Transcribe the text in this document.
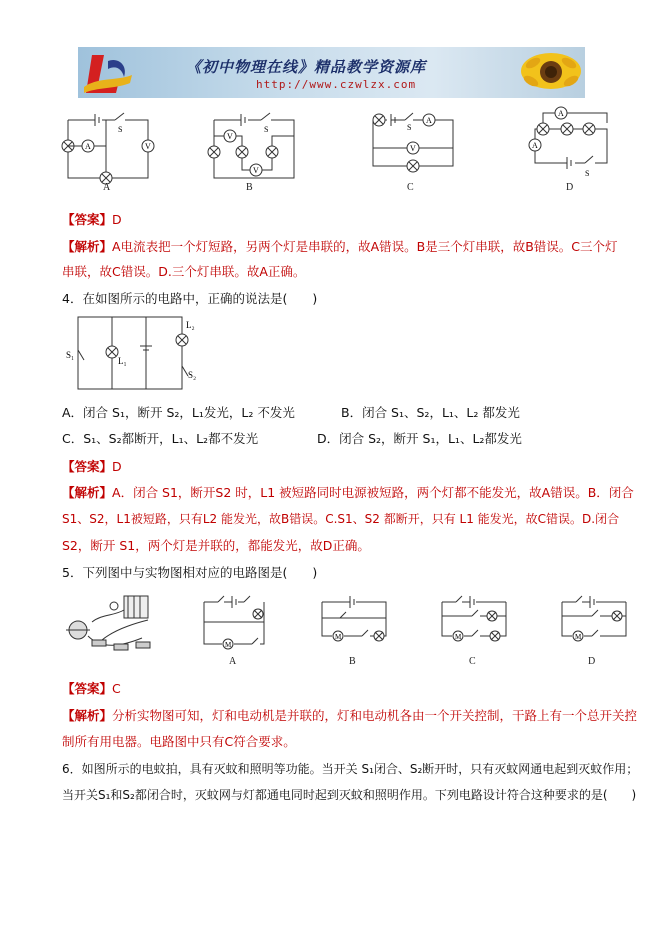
《初中物理在线》精品教学资源库
http://www.czwlzx.com
A	V
S
A
V
V
S
B
A
V
S
C
A
A
S
D
【答案】D
【解析】A电流表把一个灯短路，另两个灯是串联的，故A错误。B是三个灯串联，故B错误。C三个灯
串联，故C错误。D.三个灯串联。故A正确。
4．在如图所示的电路中，正确的说法是(　　)
S₁
L₁
L₂
S₂
A．闭合 S₁，断开 S₂，L₁发光，L₂ 不发光	B．闭合 S₁、S₂，L₁、L₂ 都发光
C．S₁、S₂都断开，L₁、L₂都不发光	D．闭合 S₂，断开 S₁，L₁、L₂都发光
【答案】D
【解析】A．闭合 S1，断开S2 时，L1 被短路同时电源被短路，两个灯都不能发光，故A错误。B．闭合
S1、S2，L1被短路，只有L2 能发光，故B错误。C.S1、S2 都断开，只有 L1 能发光，故C错误。D.闭合
S2，断开 S1，两个灯是并联的，都能发光，故D正确。
5．下列图中与实物图相对应的电路图是(　　)
M
A
M
B
M
C
M
D
【答案】C
【解析】分析实物图可知，灯和电动机是并联的，灯和电动机各由一个开关控制，干路上有一个总开关控
制所有用电器。电路图中只有C符合要求。
6．如图所示的电蚊拍，具有灭蚊和照明等功能。当开关 S₁闭合、S₂断开时，只有灭蚊网通电起到灭蚊作用；
当开关S₁和S₂都闭合时，灭蚊网与灯都通电同时起到灭蚊和照明作用。下列电路设计符合这种要求的是(　　)
